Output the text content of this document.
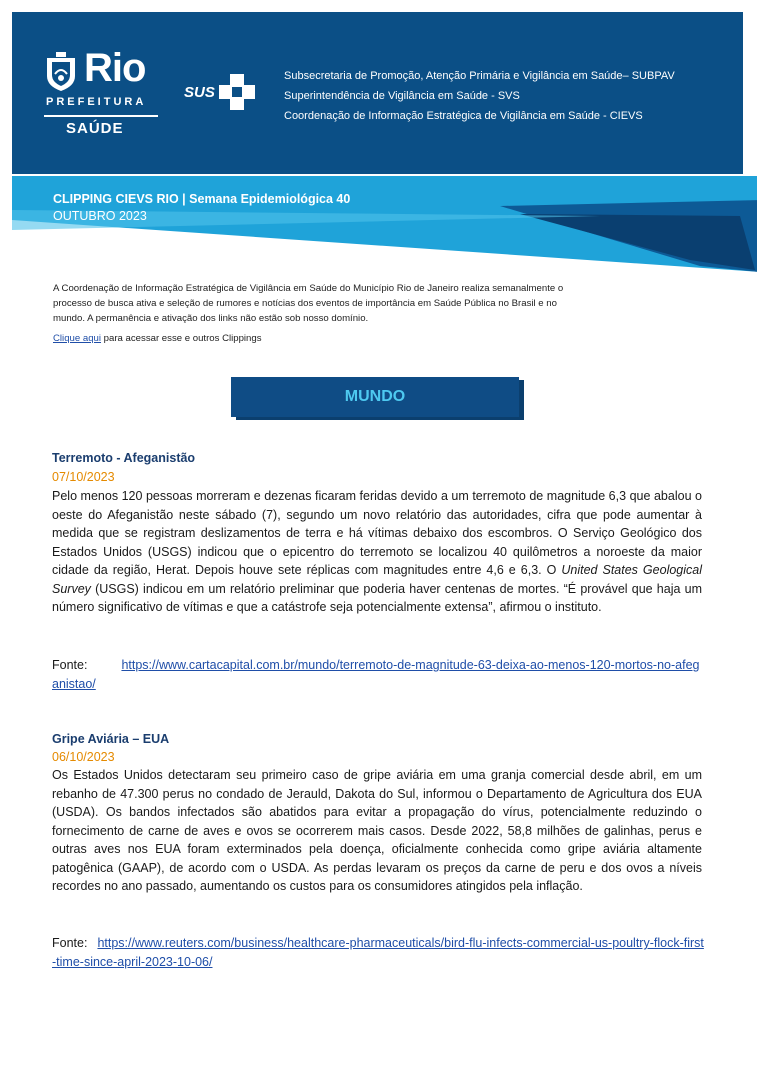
Rio
PREFEITURA
SAÚDE
SUS
Subsecretaria de Promoção, Atenção Primária e Vigilância em Saúde– SUBPAV
Superintendência de Vigilância em Saúde - SVS
Coordenação de Informação Estratégica de Vigilância em Saúde - CIEVS
CLIPPING CIEVS RIO | Semana Epidemiológica 40
OUTUBRO 2023
A Coordenação de Informação Estratégica de Vigilância em Saúde do Município Rio de Janeiro realiza semanalmente o processo de busca ativa e seleção de rumores e notícias dos eventos de importância em Saúde Pública no Brasil e no mundo. A permanência e ativação dos links não estão sob nosso domínio.
Clique aqui para acessar esse e outros Clippings
MUNDO
Terremoto - Afeganistão
07/10/2023
Pelo menos 120 pessoas morreram e dezenas ficaram feridas devido a um terremoto de magnitude 6,3 que abalou o oeste do Afeganistão neste sábado (7), segundo um novo relatório das autoridades, cifra que pode aumentar à medida que se registram deslizamentos de terra e há vítimas debaixo dos escombros. O Serviço Geológico dos Estados Unidos (USGS) indicou que o epicentro do terremoto se localizou 40 quilômetros a noroeste da maior cidade da região, Herat. Depois houve sete réplicas com magnitudes entre 4,6 e 6,3. O United States Geological Survey (USGS) indicou em um relatório preliminar que poderia haver centenas de mortes. “É provável que haja um número significativo de vítimas e que a catástrofe seja potencialmente extensa”, afirmou o instituto.
Fonte:	https://www.cartacapital.com.br/mundo/terremoto-de-magnitude-63-deixa-ao-menos-120-mortos-no-afeganistao/
Gripe Aviária – EUA
06/10/2023
Os Estados Unidos detectaram seu primeiro caso de gripe aviária em uma granja comercial desde abril, em um rebanho de 47.300 perus no condado de Jerauld, Dakota do Sul, informou o Departamento de Agricultura dos EUA (USDA). Os bandos infectados são abatidos para evitar a propagação do vírus, potencialmente reduzindo o fornecimento de carne de aves e ovos se ocorrerem mais casos. Desde 2022, 58,8 milhões de galinhas, perus e outras aves nos EUA foram exterminados pela doença, oficialmente conhecida como gripe aviária altamente patogênica (GAAP), de acordo com o USDA. As perdas levaram os preços da carne de peru e dos ovos a níveis recordes no ano passado, aumentando os custos para os consumidores atingidos pela inflação.
Fonte: https://www.reuters.com/business/healthcare-pharmaceuticals/bird-flu-infects-commercial-us-poultry-flock-first-time-since-april-2023-10-06/
